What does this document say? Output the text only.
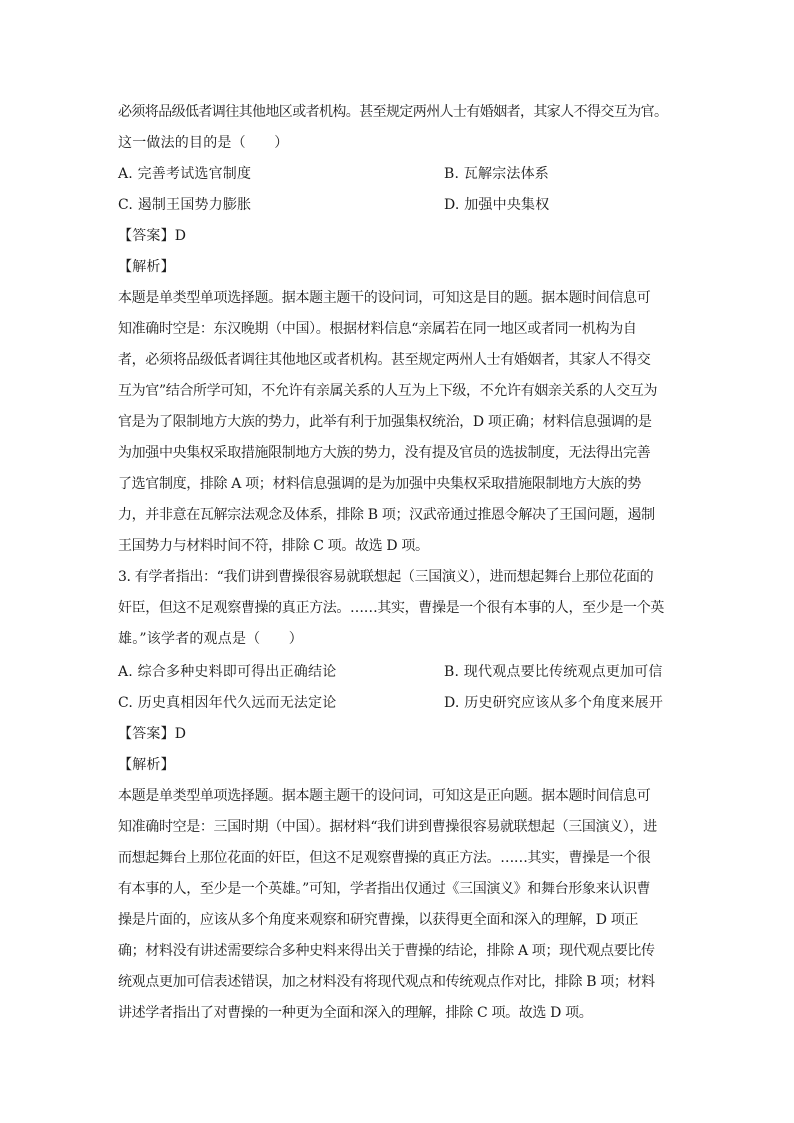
必须将品级低者调往其他地区或者机构。甚至规定两州人士有婚姻者，其家人不得交互为官。
这一做法的目的是（　　）
A. 完善考试选官制度	B. 瓦解宗法体系
C. 遏制王国势力膨胀	D. 加强中央集权
【答案】D
【解析】
本题是单类型单项选择题。据本题主题干的设问词，可知这是目的题。据本题时间信息可
知准确时空是：东汉晚期（中国）。根据材料信息“亲属若在同一地区或者同一机构为自
者，必须将品级低者调往其他地区或者机构。甚至规定两州人士有婚姻者，其家人不得交
互为官”结合所学可知，不允许有亲属关系的人互为上下级，不允许有姻亲关系的人交互为
官是为了限制地方大族的势力，此举有利于加强集权统治，D 项正确；材料信息强调的是
为加强中央集权采取措施限制地方大族的势力，没有提及官员的选拔制度，无法得出完善
了选官制度，排除 A 项；材料信息强调的是为加强中央集权采取措施限制地方大族的势
力，并非意在瓦解宗法观念及体系，排除 B 项；汉武帝通过推恩令解决了王国问题，遏制
王国势力与材料时间不符，排除 C 项。故选 D 项。
3. 有学者指出：“我们讲到曹操很容易就联想起（三国演义），进而想起舞台上那位花面的
奸臣，但这不足观察曹操的真正方法。……其实，曹操是一个很有本事的人，至少是一个英
雄。”该学者的观点是（　　）
A. 综合多种史料即可得出正确结论	B. 现代观点要比传统观点更加可信
C. 历史真相因年代久远而无法定论	D. 历史研究应该从多个角度来展开
【答案】D
【解析】
本题是单类型单项选择题。据本题主题干的设问词，可知这是正向题。据本题时间信息可
知准确时空是：三国时期（中国）。据材料“我们讲到曹操很容易就联想起（三国演义），进
而想起舞台上那位花面的奸臣，但这不足观察曹操的真正方法。……其实，曹操是一个很
有本事的人，至少是一个英雄。”可知，学者指出仅通过《三国演义》和舞台形象来认识曹
操是片面的，应该从多个角度来观察和研究曹操，以获得更全面和深入的理解，D 项正
确；材料没有讲述需要综合多种史料来得出关于曹操的结论，排除 A 项；现代观点要比传
统观点更加可信表述错误，加之材料没有将现代观点和传统观点作对比，排除 B 项；材料
讲述学者指出了对曹操的一种更为全面和深入的理解，排除 C 项。故选 D 项。
